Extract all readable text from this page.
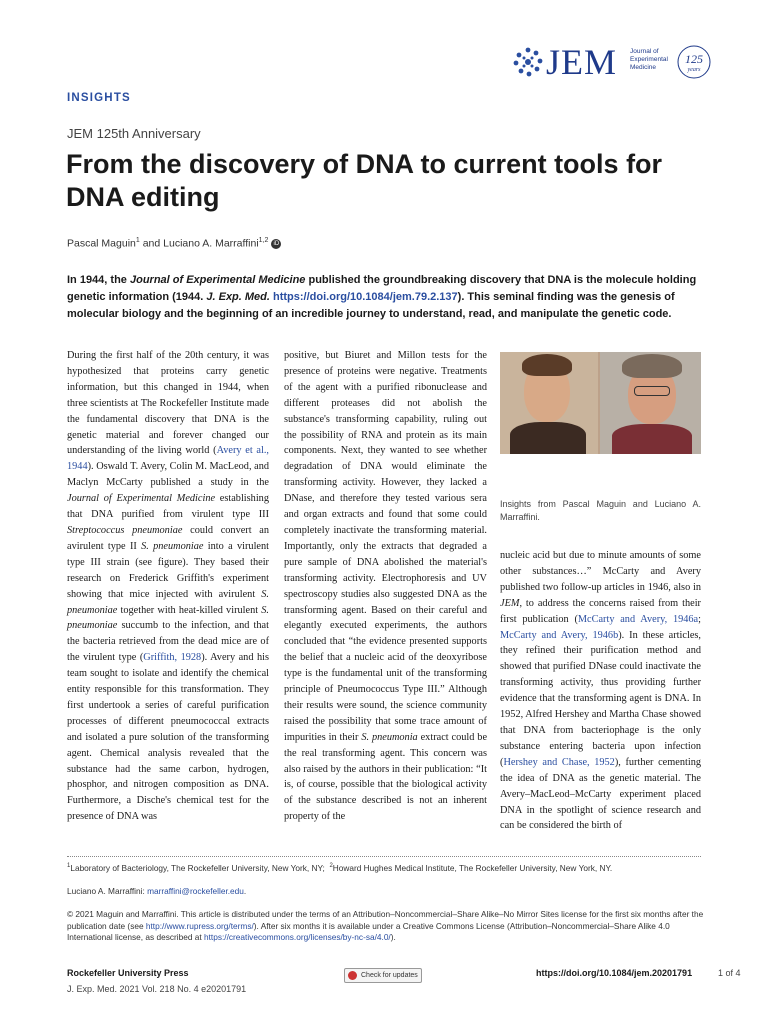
JEM Journal of
Experimental
Medicine
125
years
INSIGHTS
JEM 125th Anniversary
From the discovery of DNA to current tools for DNA editing
Pascal Maguin$^1$ and Luciano A. Marraffini$^{1,2}$ iD
In 1944, the Journal of Experimental Medicine published the groundbreaking discovery that DNA is the molecule holding genetic information (1944. J. Exp. Med. https://doi.org/10.1084/jem.79.2.137). This seminal finding was the genesis of molecular biology and the beginning of an incredible journey to understand, read, and manipulate the genetic code.

During the first half of the 20th century, it was hypothesized that proteins carry genetic information, but this changed in 1944, when three scientists at The Rockefeller Institute made the fundamental discovery that DNA is the genetic material and forever changed our understanding of the living world (Avery et al., 1944). Oswald T. Avery, Colin M. MacLeod, and Maclyn McCarty published a study in the Journal of Experimental Medicine establishing that DNA purified from virulent type III Streptococcus pneumoniae could convert an avirulent type II S. pneumoniae into a virulent type III strain (see figure). They based their research on Frederick Griffith's experiment showing that mice injected with avirulent S. pneumoniae together with heat-killed virulent S. pneumoniae succumb to the infection, and that the bacteria retrieved from the dead mice are of the virulent type (Griffith, 1928). Avery and his team sought to isolate and identify the chemical entity responsible for this transformation. They first undertook a series of careful purification processes of different pneumococcal extracts and isolated a pure solution of the transforming agent. Chemical analysis revealed that the substance had the same carbon, hydrogen, phosphor, and nitrogen composition as DNA. Furthermore, a Dische's chemical test for the presence of DNA was

positive, but Biuret and Millon tests for the presence of proteins were negative. Treatments of the agent with a purified ribonuclease and different proteases did not abolish the substance's transforming capability, ruling out the possibility of RNA and protein as its main components. Next, they wanted to see whether degradation of DNA would eliminate the transforming activity. However, they lacked a DNase, and therefore they tested various sera and organ extracts and found that some could completely inactivate the transforming material. Importantly, only the extracts that degraded a pure sample of DNA abolished the material's transforming activity. Electrophoresis and UV spectroscopy studies also suggested DNA as the transforming agent. Based on their careful and elegantly executed experiments, the authors concluded that “the evidence presented supports the belief that a nucleic acid of the deoxyribose type is the fundamental unit of the transforming principle of Pneumococcus Type III.” Although their results were sound, the science community raised the possibility that some trace amount of impurities in their S. pneumonia extract could be the real transforming agent. This concern was also raised by the authors in their publication: “It is, of course, possible that the biological activity of the substance described is not an inherent property of the

Insights from Pascal Maguin and Luciano A. Marraffini.

nucleic acid but due to minute amounts of some other substances…” McCarty and Avery published two follow-up articles in 1946, also in JEM, to address the concerns raised from their first publication (McCarty and Avery, 1946a; McCarty and Avery, 1946b). In these articles, they refined their purification method and showed that purified DNase could inactivate the transforming activity, thus providing further evidence that the transforming agent is DNA. In 1952, Alfred Hershey and Martha Chase showed that DNA from bacteriophage is the only substance entering bacteria upon infection (Hershey and Chase, 1952), further cementing the idea of DNA as the genetic material. The Avery–MacLeod–McCarty experiment placed DNA in the spotlight of science research and can be considered the birth of

$^1$Laboratory of Bacteriology, The Rockefeller University, New York, NY;  $^2$Howard Hughes Medical Institute, The Rockefeller University, New York, NY.
Luciano A. Marraffini: marraffini@rockefeller.edu.
© 2021 Maguin and Marraffini. This article is distributed under the terms of an Attribution–Noncommercial–Share Alike–No Mirror Sites license for the first six months after the publication date (see http://www.rupress.org/terms/). After six months it is available under a Creative Commons License (Attribution–Noncommercial–Share Alike 4.0 International license, as described at https://creativecommons.org/licenses/by-nc-sa/4.0/).
Rockefeller University Press
J. Exp. Med. 2021 Vol. 218 No. 4 e20201791
Check for updates	https://doi.org/10.1084/jem.20201791	1 of 4
